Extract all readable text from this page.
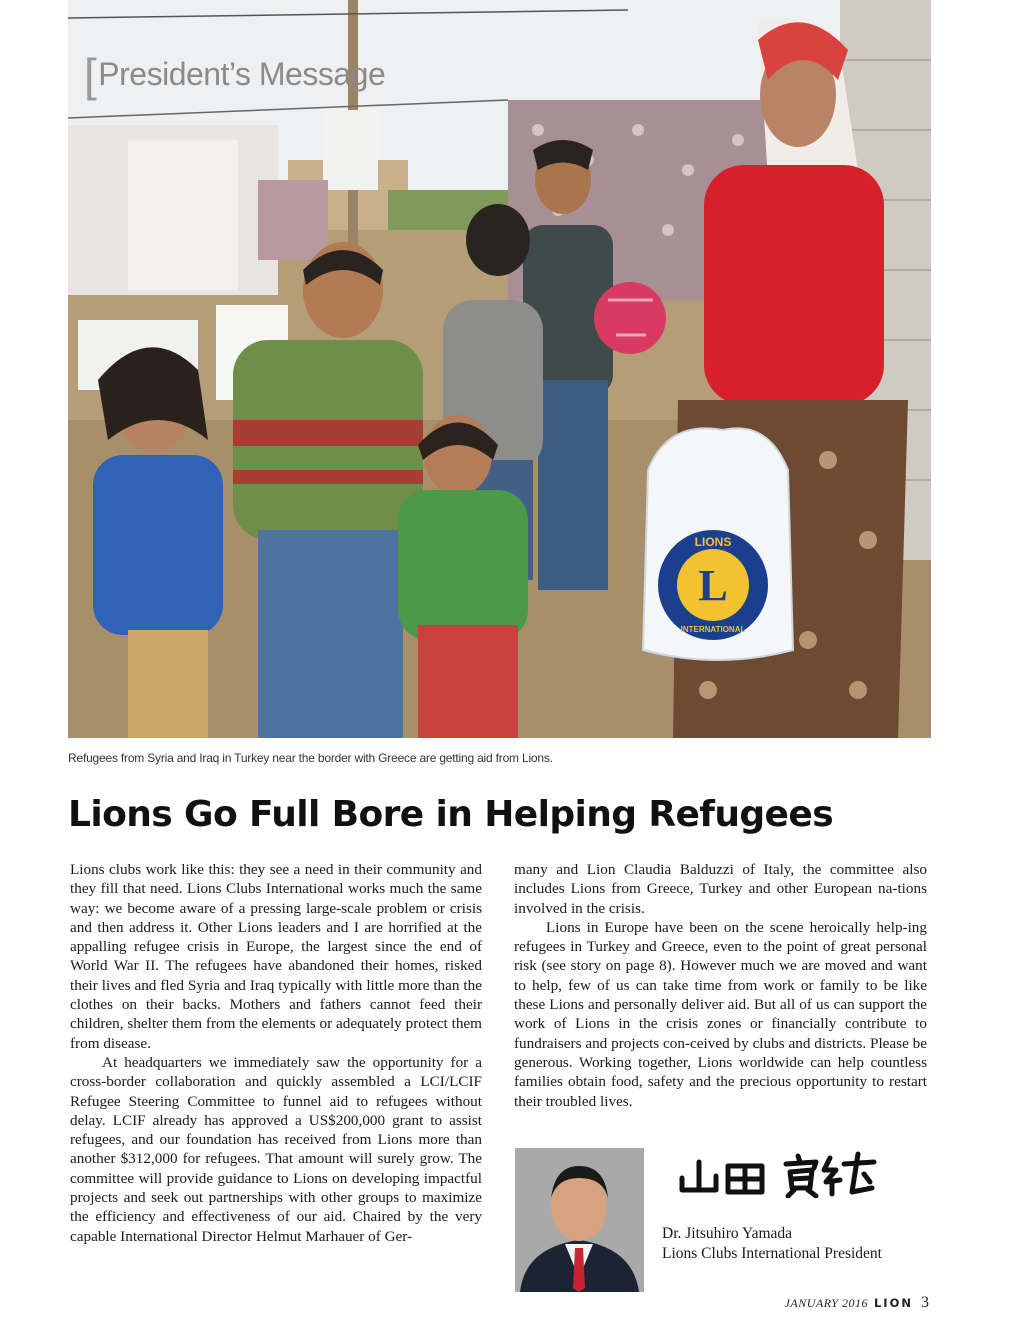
L
LIONS
INTERNATIONAL
[President’s Message
Refugees from Syria and Iraq in Turkey near the border with Greece are getting aid from Lions.
Lions Go Full Bore in Helping Refugees

Lions clubs work like this: they see a need in their community and they fill that need. Lions Clubs International works much the same way: we become aware of a pressing large-scale problem or crisis and then address it. Other Lions leaders and I are horrified at the appalling refugee crisis in Europe, the largest since the end of World War II. The refugees have abandoned their homes, risked their lives and fled Syria and Iraq typically with little more than the clothes on their backs. Mothers and fathers cannot feed their children, shelter them from the elements or adequately protect them from disease.

At headquarters we immediately saw the opportunity for a cross-border collaboration and quickly assembled a LCI/LCIF Refugee Steering Committee to funnel aid to refugees without delay. LCIF already has approved a US$200,000 grant to assist refugees, and our foundation has received from Lions more than another $312,000 for refugees. That amount will surely grow. The committee will provide guidance to Lions on developing impactful projects and seek out partnerships with other groups to maximize the efficiency and effectiveness of our aid. Chaired by the very capable International Director Helmut Marhauer of Ger-

many and Lion Claudia Balduzzi of Italy, the committee also includes Lions from Greece, Turkey and other European na-tions involved in the crisis.

Lions in Europe have been on the scene heroically help-ing refugees in Turkey and Greece, even to the point of great personal risk (see story on page 8). However much we are moved and want to help, few of us can take time from work or family to be like these Lions and personally deliver aid. But all of us can support the work of Lions in the crisis zones or financially contribute to fundraisers and projects con-ceived by clubs and districts. Please be generous. Working together, Lions worldwide can help countless families obtain food, safety and the precious opportunity to restart their troubled lives.

Dr. Jitsuhiro Yamada
Lions Clubs International President
JANUARY 2016 LION 3
